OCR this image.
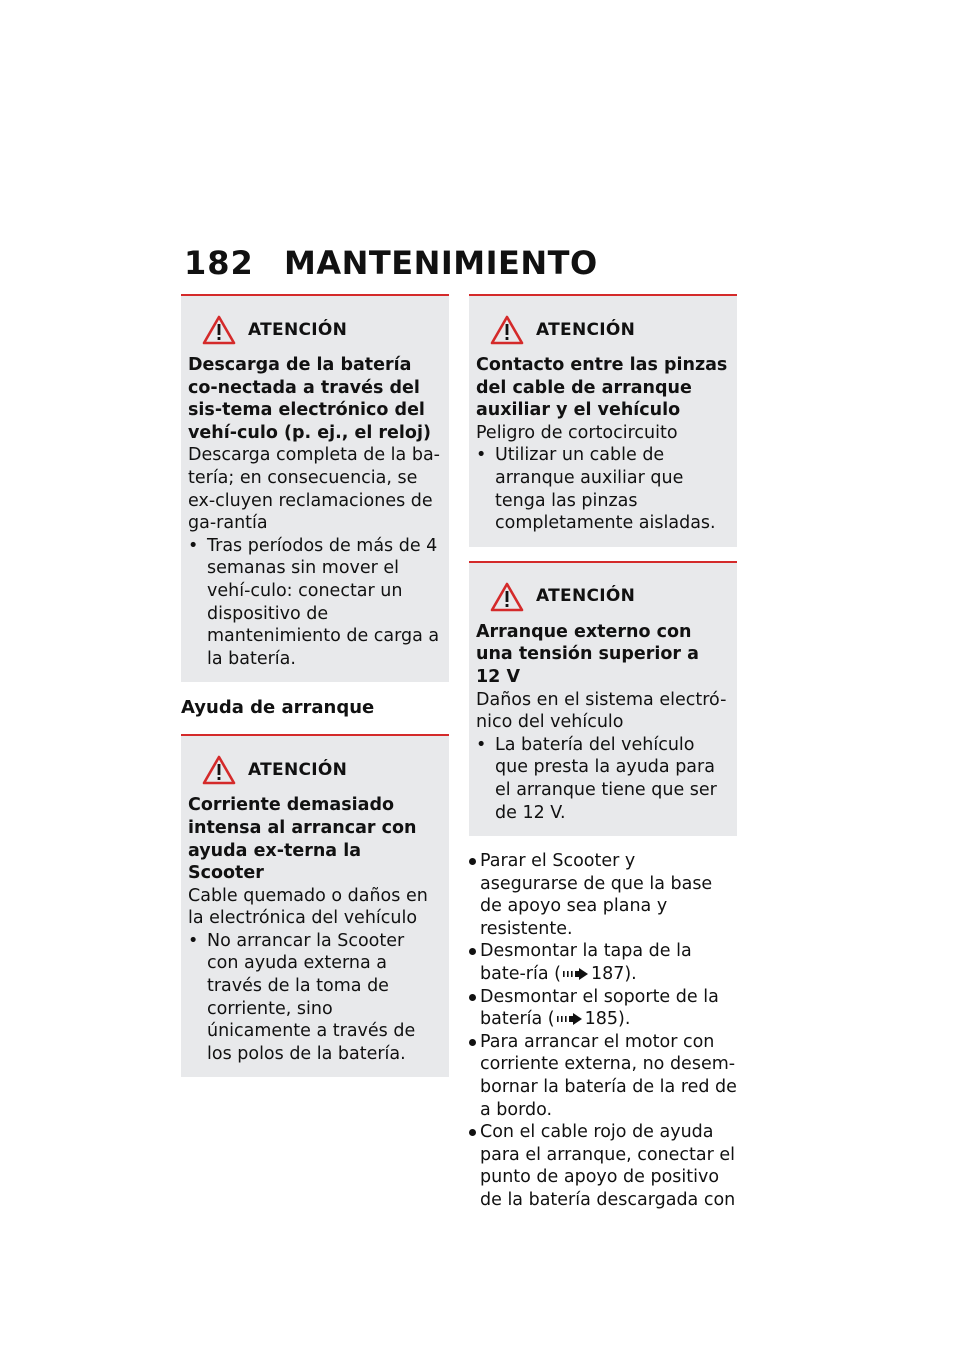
182 MANTENIMIENTO
ATENCIÓN

Descarga de la batería co-nectada a través del sis-tema electrónico del vehí-culo (p. ej., el reloj)

Descarga completa de la ba-tería; en consecuencia, se ex-cluyen reclamaciones de ga-rantía

• Tras períodos de más de 4 semanas sin mover el vehí-culo: conectar un dispositivo de mantenimiento de carga a la batería.
Ayuda de arranque
ATENCIÓN

Corriente demasiado intensa al arrancar con ayuda ex-terna la Scooter

Cable quemado o daños en la electrónica del vehículo

• No arrancar la Scooter con ayuda externa a través de la toma de corriente, sino únicamente a través de los polos de la batería.
ATENCIÓN

Contacto entre las pinzas del cable de arranque auxiliar y el vehículo

Peligro de cortocircuito

• Utilizar un cable de arranque auxiliar que tenga las pinzas completamente aisladas.
ATENCIÓN

Arranque externo con una tensión superior a 12 V

Daños en el sistema electró-nico del vehículo

• La batería del vehículo que presta la ayuda para el arranque tiene que ser de 12 V.
Parar el Scooter y asegurarse de que la base de apoyo sea plana y resistente.
Desmontar la tapa de la bate-ría ( 187).
Desmontar el soporte de la batería ( 185).
Para arrancar el motor con corriente externa, no desem-bornar la batería de la red de a bordo.
Con el cable rojo de ayuda para el arranque, conectar el punto de apoyo de positivo de la batería descargada con
